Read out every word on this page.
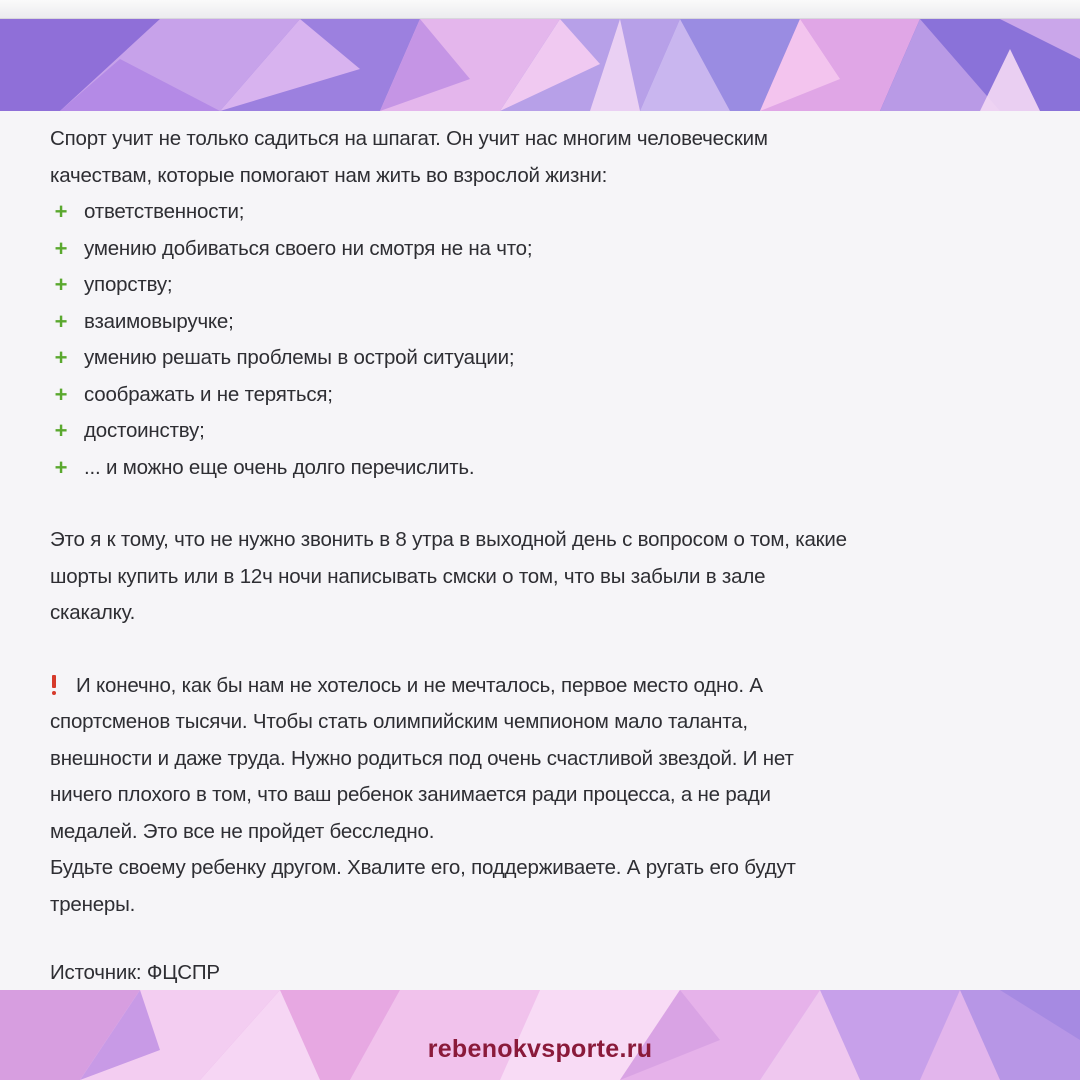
Спорт учит не только садиться на шпагат. Он учит нас многим человеческим
качествам, которые помогают нам жить во взрослой жизни:
+ ответственности;
+ умению добиваться своего ни смотря не на что;
+ упорству;
+ взаимовыручке;
+ умению решать проблемы в острой ситуации;
+ соображать и не теряться;
+ достоинству;
+ ... и можно еще очень долго перечислить.
Это я к тому, что не нужно звонить в 8 утра в выходной день с вопросом о том, какие
шорты купить или в 12ч ночи написывать смски о том, что вы забыли в зале
скакалку.
И конечно, как бы нам не хотелось и не мечталось, первое место одно. А
спортсменов тысячи. Чтобы стать олимпийским чемпионом мало таланта,
внешности и даже труда. Нужно родиться под очень счастливой звездой. И нет
ничего плохого в том, что ваш ребенок занимается ради процесса, а не ради
медалей. Это все не пройдет бесследно.
Будьте своему ребенку другом. Хвалите его, поддерживаете. А ругать его будут
тренеры.
Источник: ФЦСПР
rebenokvsporte.ru
